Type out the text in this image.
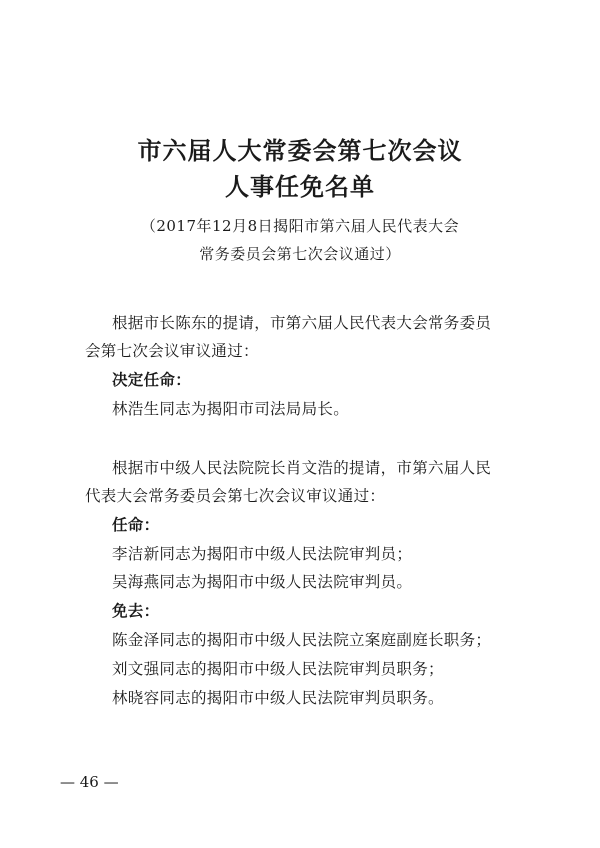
市六届人大常委会第七次会议
人事任免名单
（2017年12月8日揭阳市第六届人民代表大会
常务委员会第七次会议通过）
根据市长陈东的提请，市第六届人民代表大会常务委员
会第七次会议审议通过：
决定任命：
林浩生同志为揭阳市司法局局长。
根据市中级人民法院院长肖文浩的提请，市第六届人民
代表大会常务委员会第七次会议审议通过：
任命：
李洁新同志为揭阳市中级人民法院审判员；
吴海燕同志为揭阳市中级人民法院审判员。
免去：
陈金泽同志的揭阳市中级人民法院立案庭副庭长职务；
刘文强同志的揭阳市中级人民法院审判员职务；
林晓容同志的揭阳市中级人民法院审判员职务。
— 46 —
